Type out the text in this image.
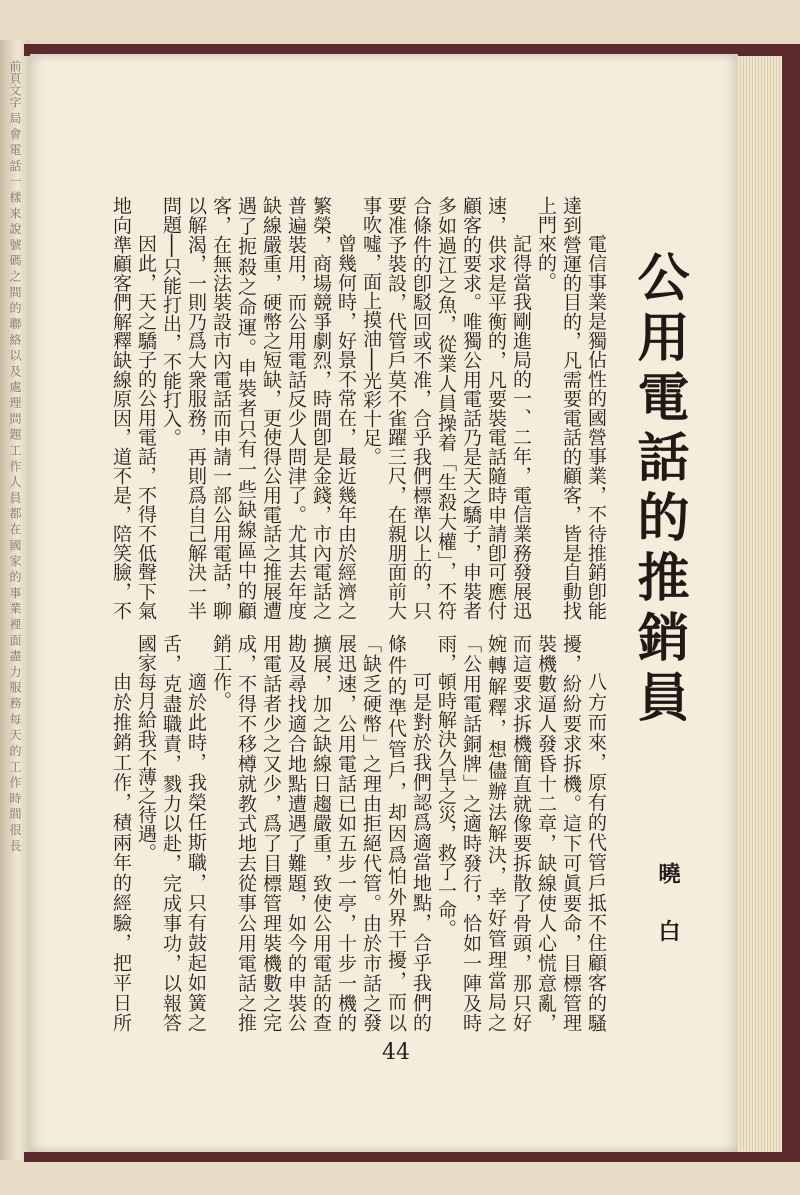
前頁文字 局 會 電 話 一 樣 來 說 號 碼 之 間 的 聯 絡 以 及 處 理 問 題 工 作 人 員 都 在 國 家 的 事 業 裡 面 盡 力 服 務 每 天 的 工 作 時 間 很 長	公用電話的推銷員
曉 白

電信事業是獨佔性的國營事業，不待推銷卽能達到營運的目的，凡需要電話的顧客，皆是自動找上門來的。

記得當我剛進局的一、二年，電信業務發展迅速，供求是平衡的，凡要裝電話隨時申請卽可應付顧客的要求。唯獨公用電話乃是天之驕子，申裝者多如過江之魚，從業人員操着「生殺大權」，不符合條件的卽駁回或不准，合乎我們標準以上的，只要准予裝設，代管戶莫不雀躍三尺，在親朋面前大事吹噓，面上摸油──光彩十足。

曾幾何時，好景不常在，最近幾年由於經濟之繁榮，商場競爭劇烈，時間卽是金錢，市內電話之普遍裝用，而公用電話反少人問津了。尤其去年度缺線嚴重，硬幣之短缺，更使得公用電話之推展遭遇了扼殺之命運。申裝者只有一些缺線區中的顧客，在無法裝設市內電話而申請一部公用電話，聊以解渴，一則乃爲大衆服務，再則爲自己解決一半問題──只能打出，不能打入。

因此，天之驕子的公用電話，不得不低聲下氣地向準顧客們解釋缺線原因，道不是，陪笑臉，不

八方而來，原有的代管戶抵不住顧客的騷擾，紛紛要求拆機。這下可眞要命，目標管理裝機數逼人發昏十二章，缺線使人心慌意亂，而這要求拆機簡直就像要拆散了骨頭，那只好婉轉解釋，想儘辦法解決，幸好管理當局之「公用電話銅牌」之適時發行，恰如一陣及時雨，頓時解決久旱之災，救了一命。

可是對於我們認爲適當地點，合乎我們的條件的準代管戶，却因爲怕外界干擾，而以「缺乏硬幣」之理由拒絕代管。由於市話之發展迅速，公用電話已如五步一亭，十步一機的擴展，加之缺線日趨嚴重，致使公用電話的查勘及尋找適合地點遭遇了難題，如今的申裝公用電話者少之又少，爲了目標管理裝機數之完成，不得不移樽就教式地去從事公用電話之推銷工作。

適於此時，我榮任斯職，只有鼓起如簧之舌，克盡職責，戮力以赴，完成事功，以報答國家每月給我不薄之待遇。

由於推銷工作，積兩年的經驗，把平日所

44
